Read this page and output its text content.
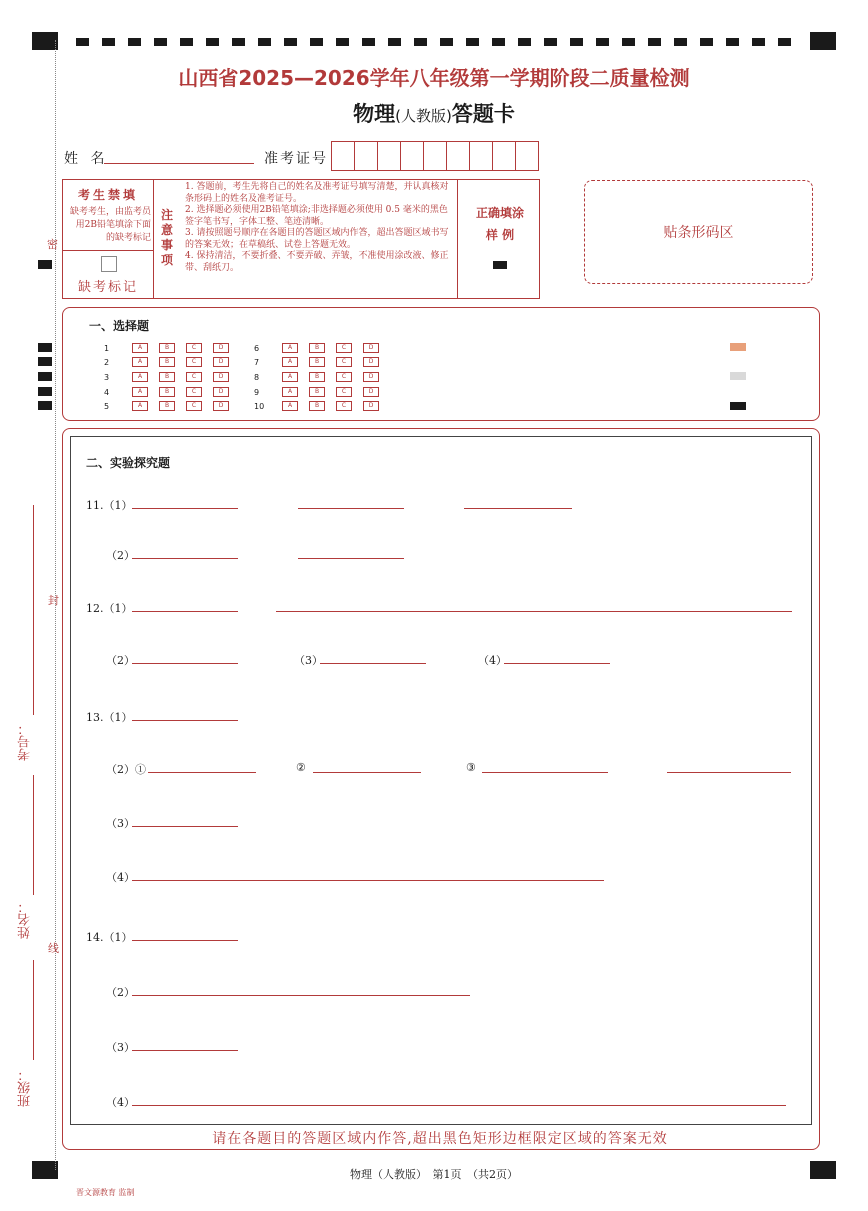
密
封
线
考号：
姓名：
班级：
山西省2025—2026学年八年级第一学期阶段二质量检测
物理(人教版)答题卡
姓 名	准考证号
考生禁填
缺考考生，由监考员用2B铅笔填涂下面的缺考标记
缺考标记
注
意
事
项
1. 答题前，考生先将自己的姓名及准考证号填写清楚，并认真核对条形码上的姓名及准考证号。
2. 选择题必须使用2B铅笔填涂;非选择题必须使用 0.5 毫米的黑色签字笔书写，字体工整、笔迹清晰。
3. 请按照题号顺序在各题目的答题区域内作答，超出答题区域书写的答案无效；在草稿纸、试卷上答题无效。
4. 保持清洁，不要折叠、不要弄破、弄皱，不准使用涂改液、修正带、刮纸刀。
正确填涂
样 例	贴条形码区
一、选择题
1	A	B	C	D
2	A	B	C	D
3	A	B	C	D
4	A	B	C	D
5	A	B	C	D
6	A	B	C	D
7	A	B	C	D
8	A	B	C	D
9	A	B	C	D
10	A	B	C	D
二、实验探究题
11.（1）
（2）
12.（1）
（2）	（3）	（4）
13.（1）
（2）①	②	③
（3）
（4）
14.（1）
（2）
（3）
（4）
请在各题目的答题区域内作答,超出黑色矩形边框限定区域的答案无效
物理（人教版）　第1页　（共2页）
晋文源教育 监制
